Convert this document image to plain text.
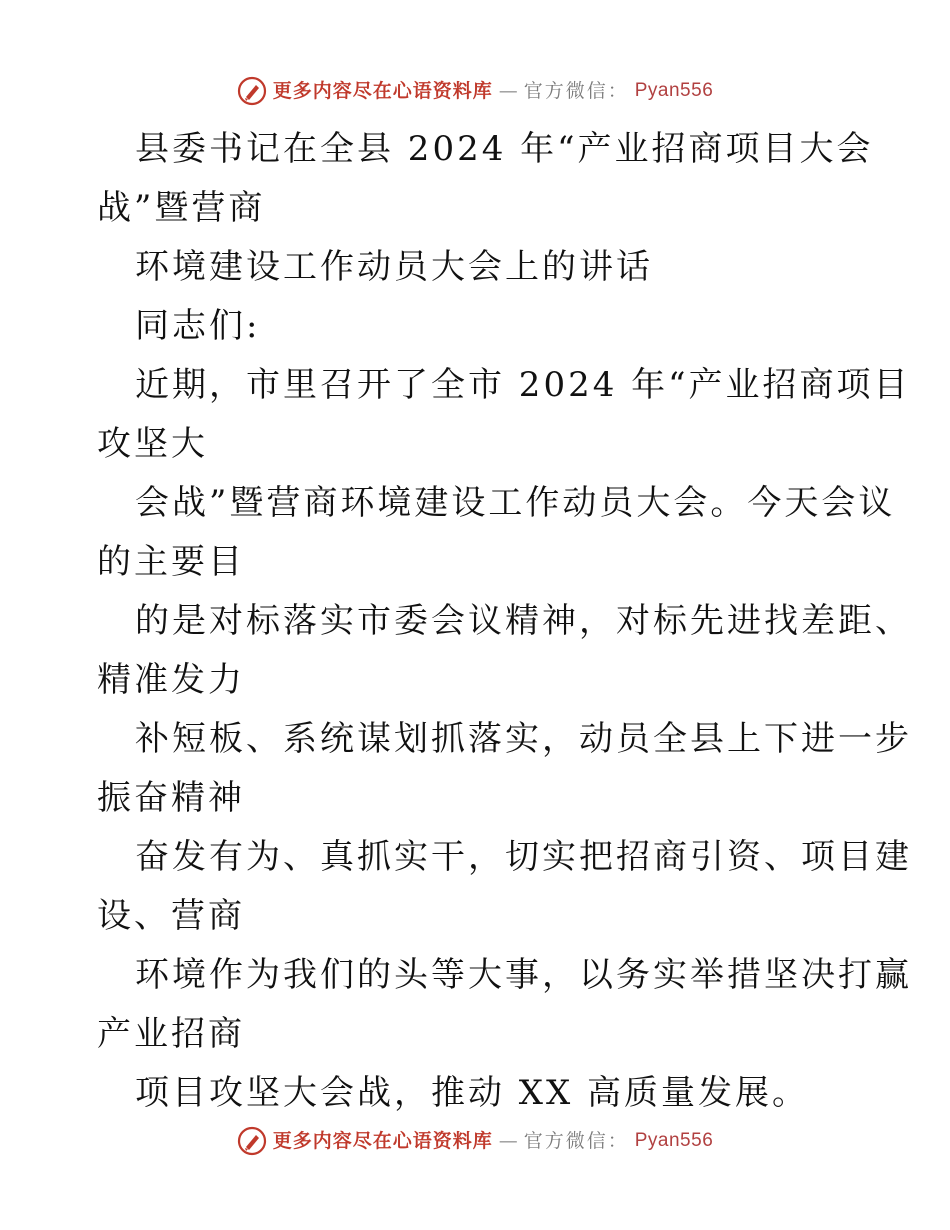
更多内容尽在心语资料库 — 官方微信： Pyan556
县委书记在全县 2024 年“产业招商项目大会
战”暨营商
环境建设工作动员大会上的讲话
同志们:
近期，市里召开了全市 2024 年“产业招商项目
攻坚大
会战”暨营商环境建设工作动员大会。今天会议
的主要目
的是对标落实市委会议精神，对标先进找差距、
精准发力
补短板、系统谋划抓落实，动员全县上下进一步
振奋精神
奋发有为、真抓实干，切实把招商引资、项目建
设、营商
环境作为我们的头等大事，以务实举措坚决打赢
产业招商
项目攻坚大会战，推动 XX 高质量发展。
更多内容尽在心语资料库 — 官方微信： Pyan556
